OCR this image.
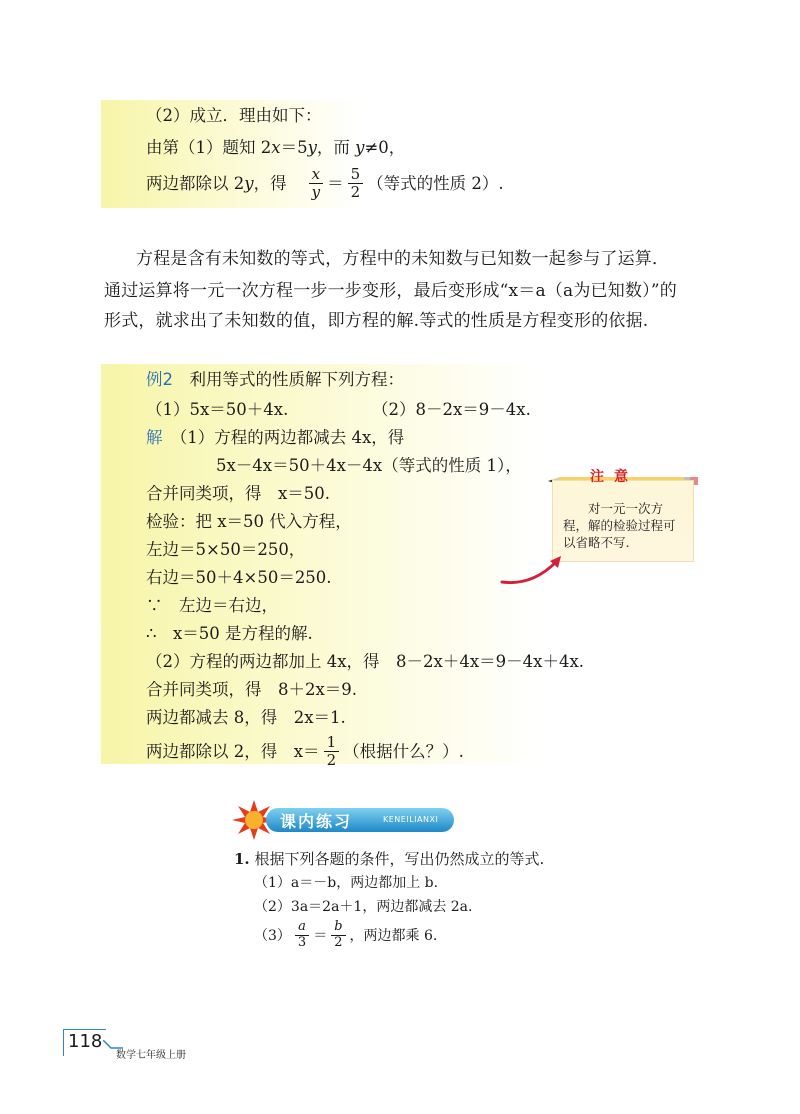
（2）成立．理由如下：
由第（1）题知 2x＝5y，而 y≠0，
两边都除以 2 y ，得 $\frac{x}{y} = \frac{5}{2}$ （等式的性质 2）.
方程是含有未知数的等式，方程中的未知数与已知数一起参与了运算．
通过运算将一元一次方程一步一步变形，最后变形成“x＝a（a为已知数）”的
形式，就求出了未知数的值，即方程的解.等式的性质是方程变形的依据.
例2　 利用等式的性质解下列方程：
（1）5x＝50＋4x.	（2）8－2x＝9－4x.
解　 （1）方程的两边都减去 4x，得
5x－4x＝50＋4x－4x（等式的性质 1），
合并同类项，得　x＝50.
检验：把 x＝50 代入方程，
左边＝5×50＝250，
右边＝50＋4×50＝250.
∵　左边＝右边，
∴　x＝50 是方程的解.
（2）方程的两边都加上 4x，得　8－2x＋4x＝9－4x＋4x.
合并同类项，得　8＋2x＝9.
两边都减去 8，得　2x＝1.
两边都除以 2，得　$x= \frac{1}{2}$ （根据什么？）.
注意
对一元一次方程，解的检验过程可以省略不写.
课内练习	KENEILIANXI
1. 根据下列各题的条件，写出仍然成立的等式.
（1）a＝－b，两边都加上 b.
（2）3a＝2a＋1，两边都减去 2a.
$(3) \frac{a}{3} = \frac{b}{2}$ ，两边都乘 6.
118
数学七年级上册
